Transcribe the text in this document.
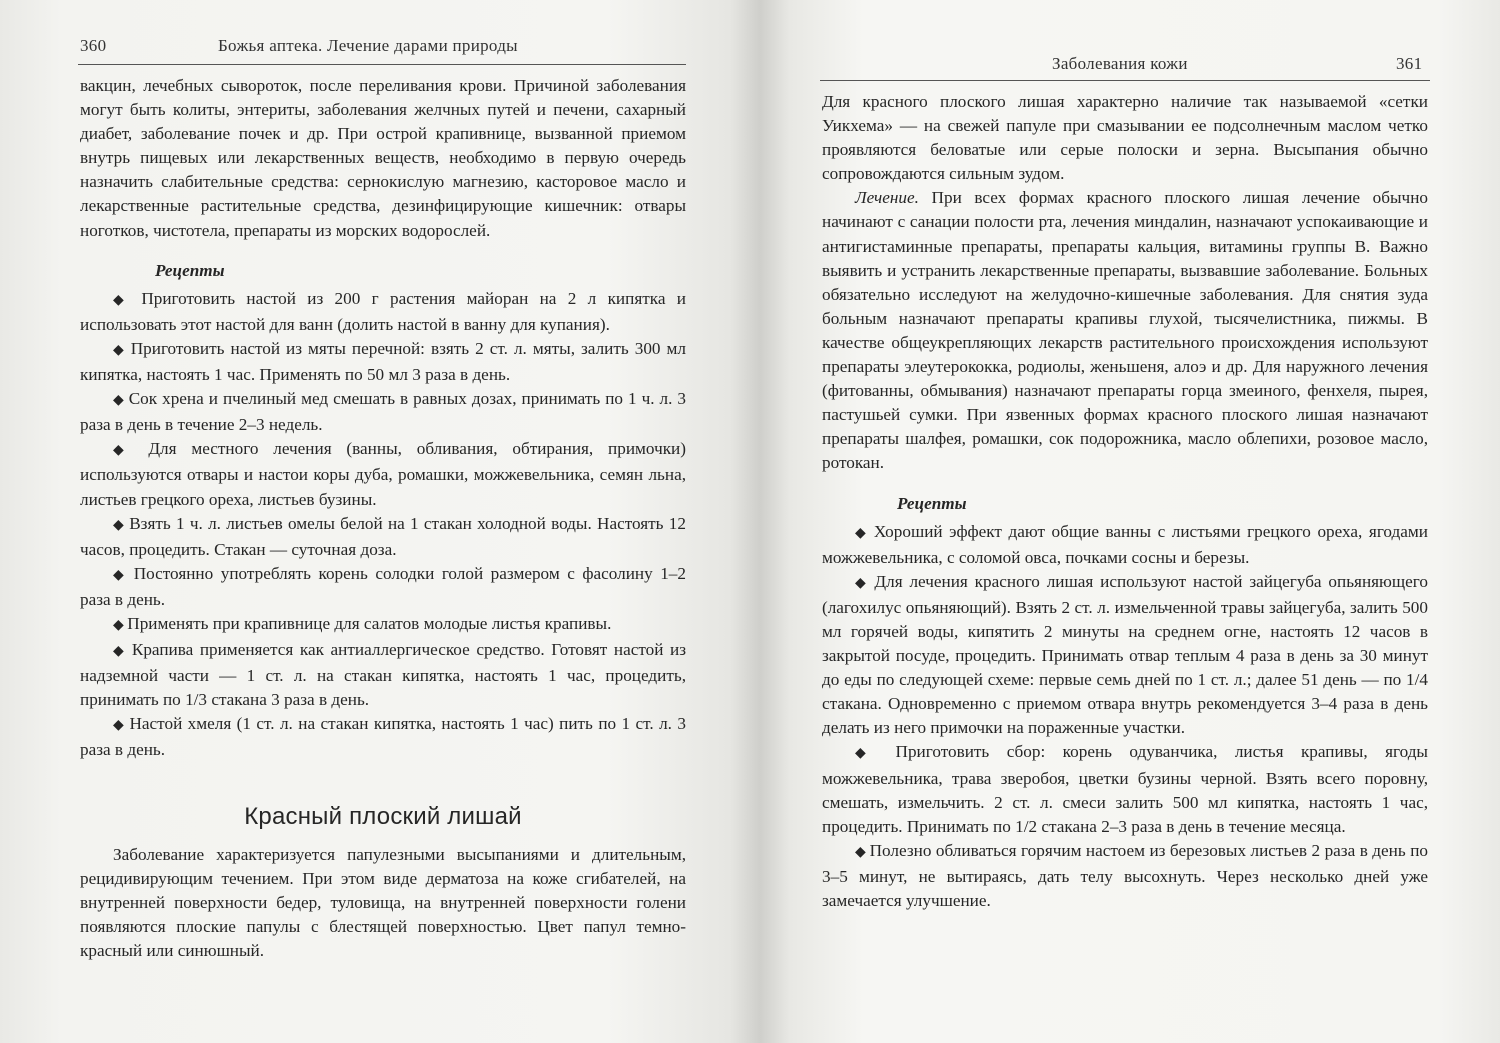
360	Божья аптека. Лечение дарами природы

вакцин, лечебных сывороток, после переливания крови. Причиной заболевания могут быть колиты, энтериты, заболевания желчных путей и печени, сахарный диабет, заболевание почек и др. При острой крапивнице, вызванной приемом внутрь пищевых или лекарственных веществ, необходимо в первую очередь назначить слабительные средства: сернокислую магнезию, касторовое масло и лекарственные растительные средства, дезинфицирующие кишечник: отвары ноготков, чистотела, препараты из морских водорослей.

Рецепты

◆ Приготовить настой из 200 г растения майоран на 2 л кипятка и использовать этот настой для ванн (долить настой в ванну для купания).

◆ Приготовить настой из мяты перечной: взять 2 ст. л. мяты, залить 300 мл кипятка, настоять 1 час. Применять по 50 мл 3 раза в день.

◆ Сок хрена и пчелиный мед смешать в равных дозах, принимать по 1 ч. л. 3 раза в день в течение 2–3 недель.

◆ Для местного лечения (ванны, обливания, обтирания, примочки) используются отвары и настои коры дуба, ромашки, можжевельника, семян льна, листьев грецкого ореха, листьев бузины.

◆ Взять 1 ч. л. листьев омелы белой на 1 стакан холодной воды. Настоять 12 часов, процедить. Стакан — суточная доза.

◆ Постоянно употреблять корень солодки голой размером с фасолину 1–2 раза в день.

◆ Применять при крапивнице для салатов молодые листья крапивы.

◆ Крапива применяется как антиаллергическое средство. Готовят настой из надземной части — 1 ст. л. на стакан кипятка, настоять 1 час, процедить, принимать по 1/3 стакана 3 раза в день.

◆ Настой хмеля (1 ст. л. на стакан кипятка, настоять 1 час) пить по 1 ст. л. 3 раза в день.

Красный плоский лишай

Заболевание характеризуется папулезными высыпаниями и длительным, рецидивирующим течением. При этом виде дерматоза на коже сгибателей, на внутренней поверхности бедер, туловища, на внутренней поверхности голени появляются плоские папулы с блестящей поверхностью. Цвет папул темно-красный или синюшный.

Заболевания кожи	361

Для красного плоского лишая характерно наличие так называемой «сетки Уикхема» — на свежей папуле при смазывании ее подсолнечным маслом четко проявляются беловатые или серые полоски и зерна. Высыпания обычно сопровождаются сильным зудом.

Лечение. При всех формах красного плоского лишая лечение обычно начинают с санации полости рта, лечения миндалин, назначают успокаивающие и антигистаминные препараты, препараты кальция, витамины группы В. Важно выявить и устранить лекарственные препараты, вызвавшие заболевание. Больных обязательно исследуют на желудочно-кишечные заболевания. Для снятия зуда больным назначают препараты крапивы глухой, тысячелистника, пижмы. В качестве общеукрепляющих лекарств растительного происхождения используют препараты элеутерококка, родиолы, женьшеня, алоэ и др. Для наружного лечения (фитованны, обмывания) назначают препараты горца змеиного, фенхеля, пырея, пастушьей сумки. При язвенных формах красного плоского лишая назначают препараты шалфея, ромашки, сок подорожника, масло облепихи, розовое масло, ротокан.

Рецепты

◆ Хороший эффект дают общие ванны с листьями грецкого ореха, ягодами можжевельника, с соломой овса, почками сосны и березы.

◆ Для лечения красного лишая используют настой зайцегуба опьяняющего (лагохилус опьяняющий). Взять 2 ст. л. измельченной травы зайцегуба, залить 500 мл горячей воды, кипятить 2 минуты на среднем огне, настоять 12 часов в закрытой посуде, процедить. Принимать отвар теплым 4 раза в день за 30 минут до еды по следующей схеме: первые семь дней по 1 ст. л.; далее 51 день — по 1/4 стакана. Одновременно с приемом отвара внутрь рекомендуется 3–4 раза в день делать из него примочки на пораженные участки.

◆ Приготовить сбор: корень одуванчика, листья крапивы, ягоды можжевельника, трава зверобоя, цветки бузины черной. Взять всего поровну, смешать, измельчить. 2 ст. л. смеси залить 500 мл кипятка, настоять 1 час, процедить. Принимать по 1/2 стакана 2–3 раза в день в течение месяца.

◆ Полезно обливаться горячим настоем из березовых листьев 2 раза в день по 3–5 минут, не вытираясь, дать телу высохнуть. Через несколько дней уже замечается улучшение.
